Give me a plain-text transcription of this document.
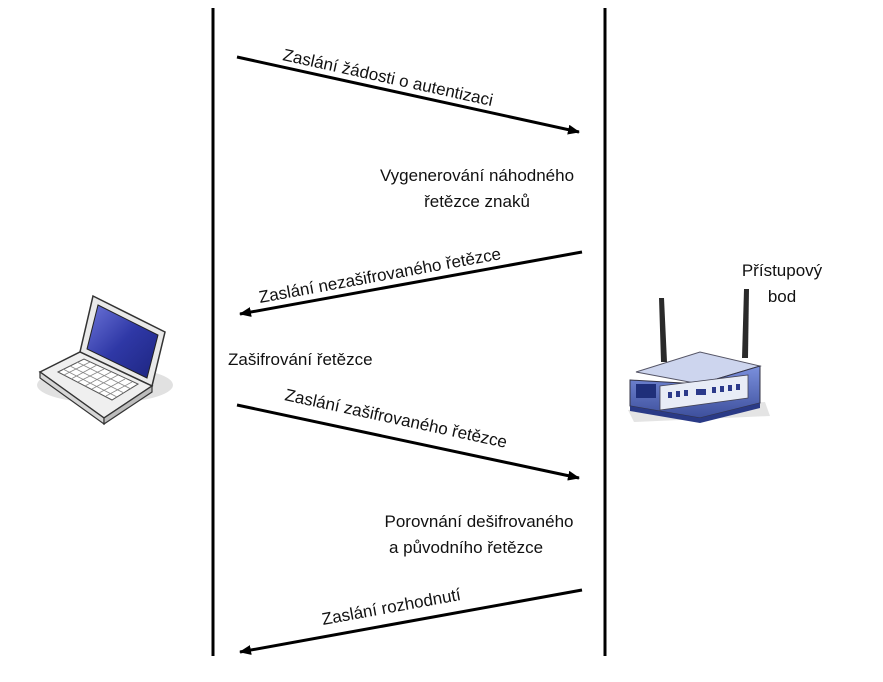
Zaslání žádosti o autentizaci
Vygenerování náhodného
řetězce znaků
Zaslání nezašifrovaného řetězce
Zašifrování řetězce
Zaslání zašifrovaného řetězce
Porovnání dešifrovaného
a původního řetězce
Zaslání rozhodnutí
Přístupový
bod
